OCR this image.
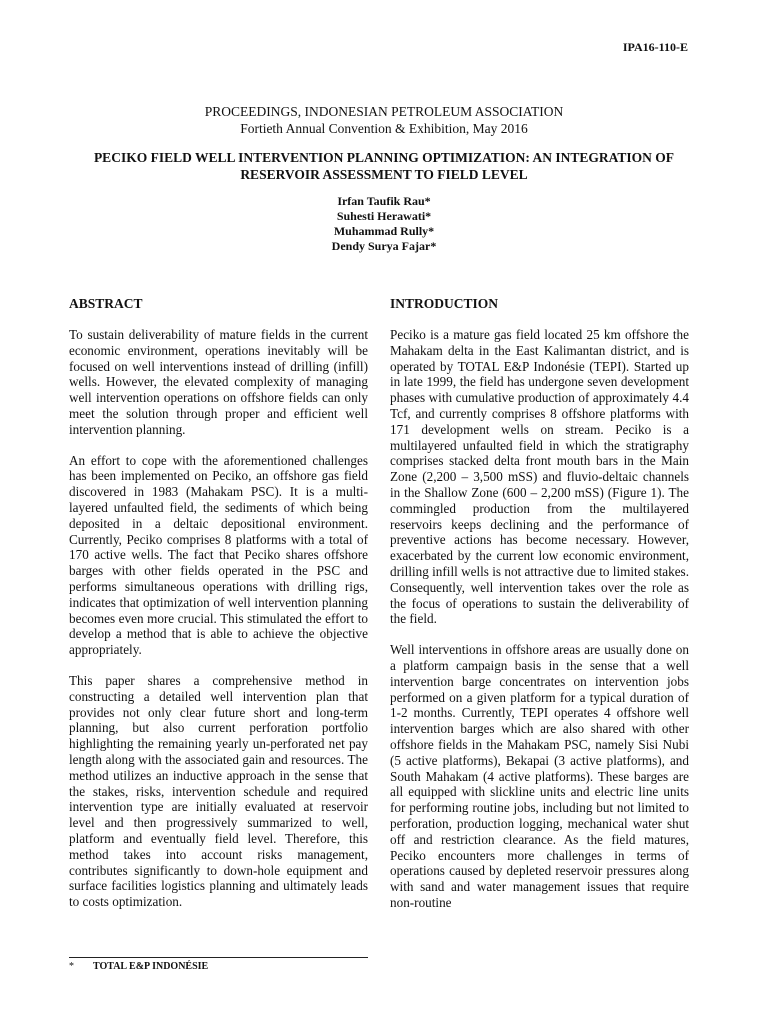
IPA16-110-E
PROCEEDINGS, INDONESIAN PETROLEUM ASSOCIATION
Fortieth Annual Convention & Exhibition, May 2016
PECIKO FIELD WELL INTERVENTION PLANNING OPTIMIZATION: AN INTEGRATION OF
RESERVOIR ASSESSMENT TO FIELD LEVEL
Irfan Taufik Rau*
Suhesti Herawati*
Muhammad Rully*
Dendy Surya Fajar*
ABSTRACT

To sustain deliverability of mature fields in the current economic environment, operations inevitably will be focused on well interventions instead of drilling (infill) wells. However, the elevated complexity of managing well intervention operations on offshore fields can only meet the solution through proper and efficient well intervention planning.

An effort to cope with the aforementioned challenges has been implemented on Peciko, an offshore gas field discovered in 1983 (Mahakam PSC). It is a multi-layered unfaulted field, the sediments of which being deposited in a deltaic depositional environment. Currently, Peciko comprises 8 platforms with a total of 170 active wells. The fact that Peciko shares offshore barges with other fields operated in the PSC and performs simultaneous operations with drilling rigs, indicates that optimization of well intervention planning becomes even more crucial. This stimulated the effort to develop a method that is able to achieve the objective appropriately.

This paper shares a comprehensive method in constructing a detailed well intervention plan that provides not only clear future short and long-term planning, but also current perforation portfolio highlighting the remaining yearly un-perforated net pay length along with the associated gain and resources. The method utilizes an inductive approach in the sense that the stakes, risks, intervention schedule and required intervention type are initially evaluated at reservoir level and then progressively summarized to well, platform and eventually field level. Therefore, this method takes into account risks management, contributes significantly to down-hole equipment and surface facilities logistics planning and ultimately leads to costs optimization.

INTRODUCTION

Peciko is a mature gas field located 25 km offshore the Mahakam delta in the East Kalimantan district, and is operated by TOTAL E&P Indonésie (TEPI). Started up in late 1999, the field has undergone seven development phases with cumulative production of approximately 4.4 Tcf, and currently comprises 8 offshore platforms with 171 development wells on stream. Peciko is a multilayered unfaulted field in which the stratigraphy comprises stacked delta front mouth bars in the Main Zone (2,200 – 3,500 mSS) and fluvio-deltaic channels in the Shallow Zone (600 – 2,200 mSS) (Figure 1). The commingled production from the multilayered reservoirs keeps declining and the performance of preventive actions has become necessary. However, exacerbated by the current low economic environment, drilling infill wells is not attractive due to limited stakes. Consequently, well intervention takes over the role as the focus of operations to sustain the deliverability of the field.

Well interventions in offshore areas are usually done on a platform campaign basis in the sense that a well intervention barge concentrates on intervention jobs performed on a given platform for a typical duration of 1-2 months. Currently, TEPI operates 4 offshore well intervention barges which are also shared with other offshore fields in the Mahakam PSC, namely Sisi Nubi (5 active platforms), Bekapai (3 active platforms), and South Mahakam (4 active platforms). These barges are all equipped with slickline units and electric line units for performing routine jobs, including but not limited to perforation, production logging, mechanical water shut off and restriction clearance. As the field matures, Peciko encounters more challenges in terms of operations caused by depleted reservoir pressures along with sand and water management issues that require non-routine

* TOTAL E&P INDONÉSIE
